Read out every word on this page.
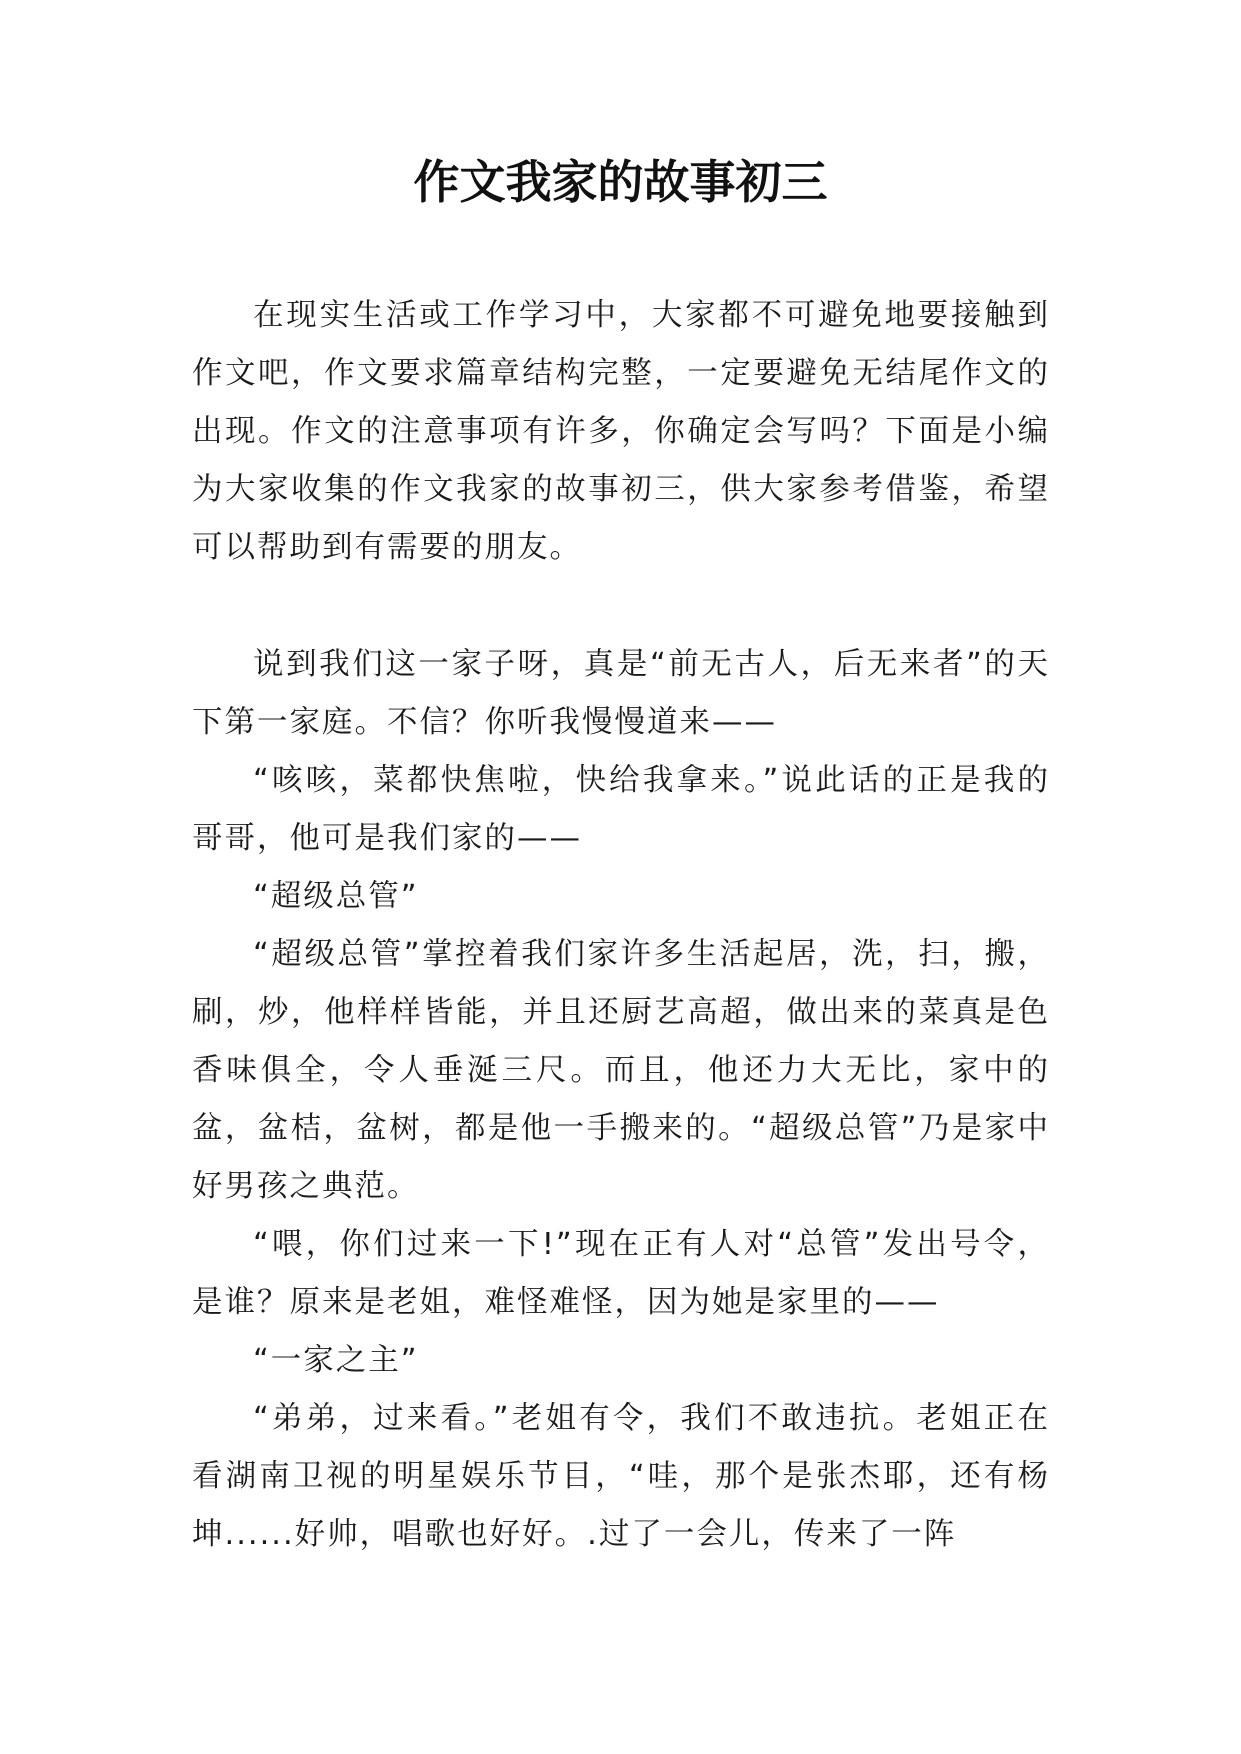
作文我家的故事初三

在现实生活或工作学习中，大家都不可避免地要接触到作文吧，作文要求篇章结构完整，一定要避免无结尾作文的出现。作文的注意事项有许多，你确定会写吗？下面是小编为大家收集的作文我家的故事初三，供大家参考借鉴，希望可以帮助到有需要的朋友。

说到我们这一家子呀，真是“前无古人，后无来者”的天下第一家庭。不信？你听我慢慢道来——

“咳咳，菜都快焦啦，快给我拿来。”说此话的正是我的哥哥，他可是我们家的——

“超级总管”

“超级总管”掌控着我们家许多生活起居，洗，扫，搬，刷，炒，他样样皆能，并且还厨艺高超，做出来的菜真是色香味俱全，令人垂涎三尺。而且，他还力大无比，家中的盆，盆桔，盆树，都是他一手搬来的。“超级总管”乃是家中好男孩之典范。

“喂，你们过来一下!”现在正有人对“总管”发出号令，是谁？原来是老姐，难怪难怪，因为她是家里的——

“一家之主”

“弟弟，过来看。”老姐有令，我们不敢违抗。老姐正在看湖南卫视的明星娱乐节目，“哇，那个是张杰耶，还有杨坤......好帅，唱歌也好好。.过了一会儿，传来了一阵
